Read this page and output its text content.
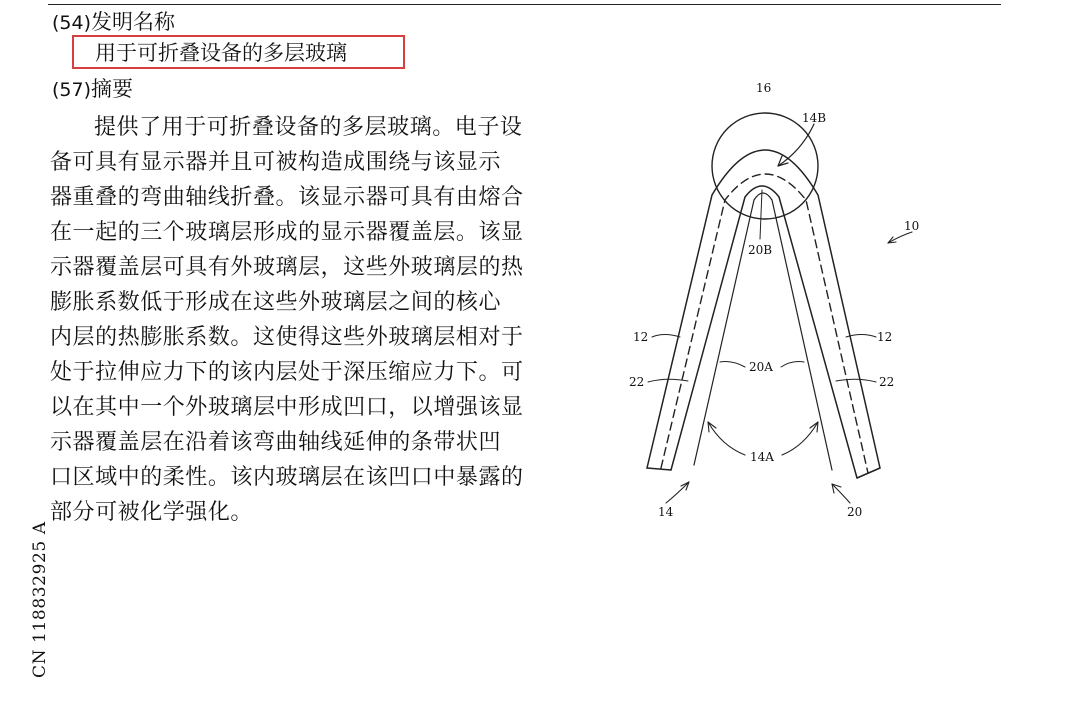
(54)发明名称
用于可折叠设备的多层玻璃
(57)摘要
提供了用于可折叠设备的多层玻璃。电子设
备可具有显示器并且可被构造成围绕与该显示
器重叠的弯曲轴线折叠。该显示器可具有由熔合
在一起的三个玻璃层形成的显示器覆盖层。该显
示器覆盖层可具有外玻璃层，这些外玻璃层的热
膨胀系数低于形成在这些外玻璃层之间的核心
内层的热膨胀系数。这使得这些外玻璃层相对于
处于拉伸应力下的该内层处于深压缩应力下。可
以在其中一个外玻璃层中形成凹口，以增强该显
示器覆盖层在沿着该弯曲轴线延伸的条带状凹
口区域中的柔性。该内玻璃层在该凹口中暴露的
部分可被化学强化。
CN 118832925 A
16
14B
10
20B
12	12
20A
22	22
14A
14	20
